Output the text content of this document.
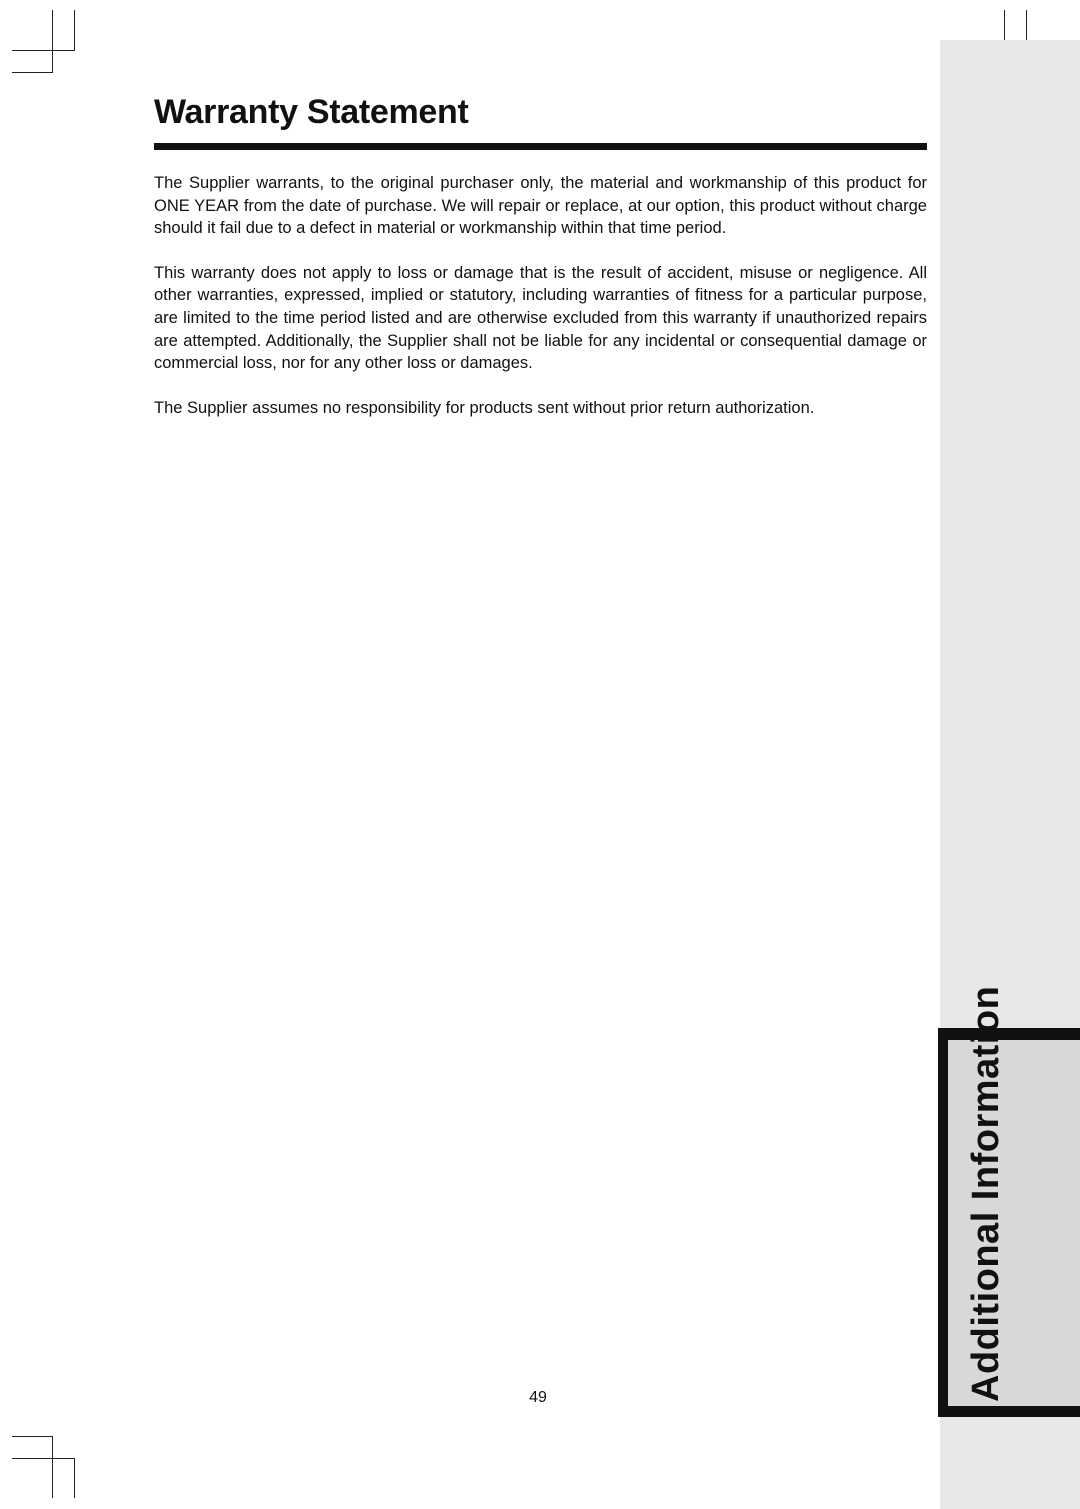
Additional Information
Warranty Statement

The Supplier warrants, to the original purchaser only, the material and workmanship of this product for ONE YEAR from the date of purchase. We will repair or replace, at our option, this product without charge should it fail due to a defect in material or workmanship within that time period.

This warranty does not apply to loss or damage that is the result of accident, misuse or negligence. All other warranties, expressed, implied or statutory, including warranties of fitness for a particular purpose, are limited to the time period listed and are otherwise excluded from this warranty if unauthorized repairs are attempted. Additionally, the Supplier shall not be liable for any incidental or consequential damage or commercial loss, nor for any other loss or damages.

The Supplier assumes no responsibility for products sent without prior return authorization.

49
